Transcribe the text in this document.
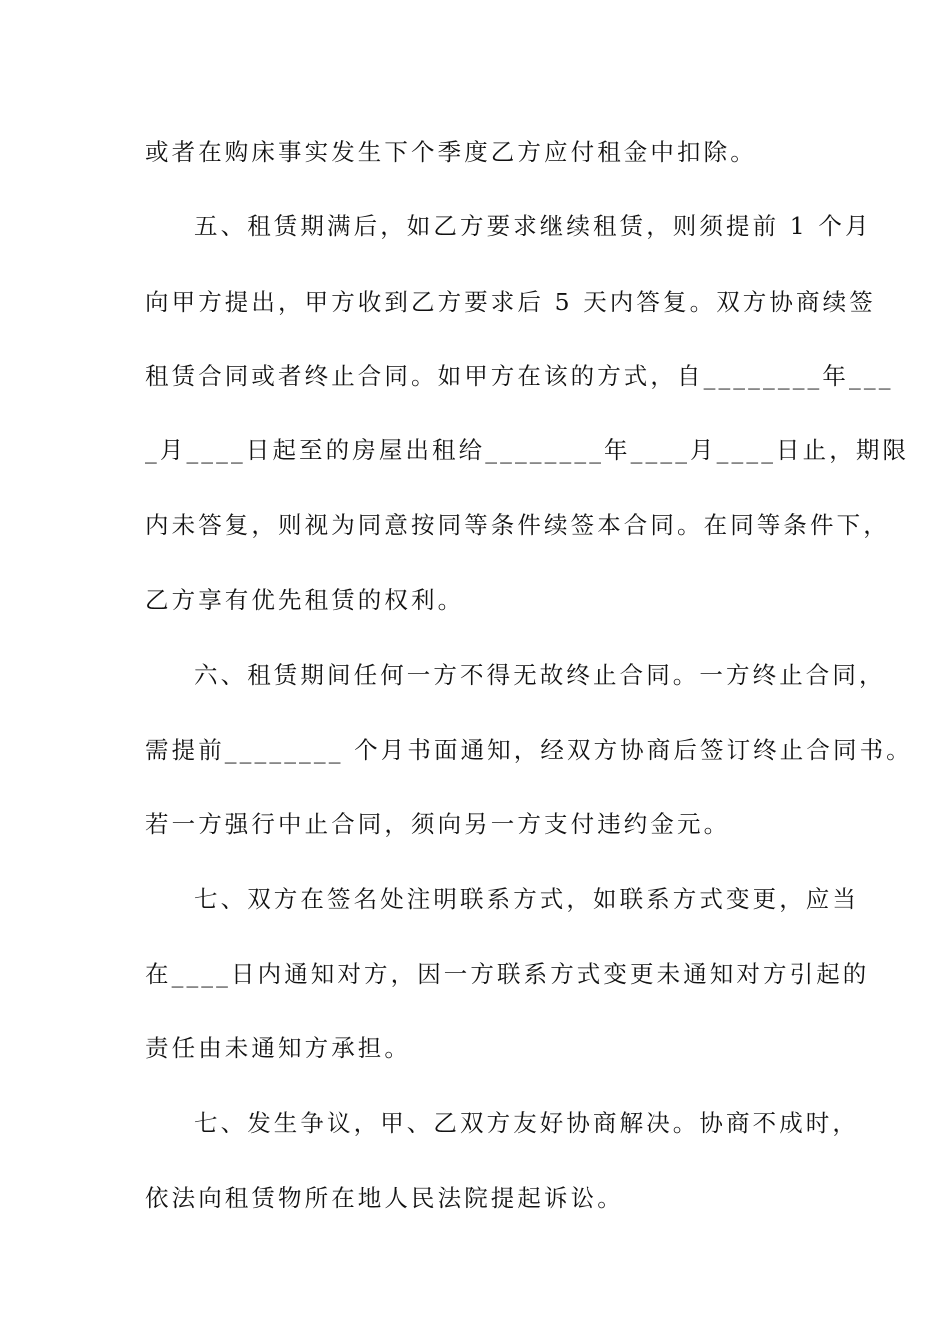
或者在购床事实发生下个季度乙方应付租金中扣除。
五、租赁期满后，如乙方要求继续租赁，则须提前 1 个月
向甲方提出，甲方收到乙方要求后 5 天内答复。双方协商续签
租赁合同或者终止合同。如甲方在该的方式，自________年___
_月____日起至的房屋出租给________年____月____日止，期限
内未答复，则视为同意按同等条件续签本合同。在同等条件下，
乙方享有优先租赁的权利。
六、租赁期间任何一方不得无故终止合同。一方终止合同，
需提前________ 个月书面通知，经双方协商后签订终止合同书。
若一方强行中止合同，须向另一方支付违约金元。
七、双方在签名处注明联系方式，如联系方式变更，应当
在____日内通知对方，因一方联系方式变更未通知对方引起的
责任由未通知方承担。
七、发生争议，甲、乙双方友好协商解决。协商不成时，
依法向租赁物所在地人民法院提起诉讼。
